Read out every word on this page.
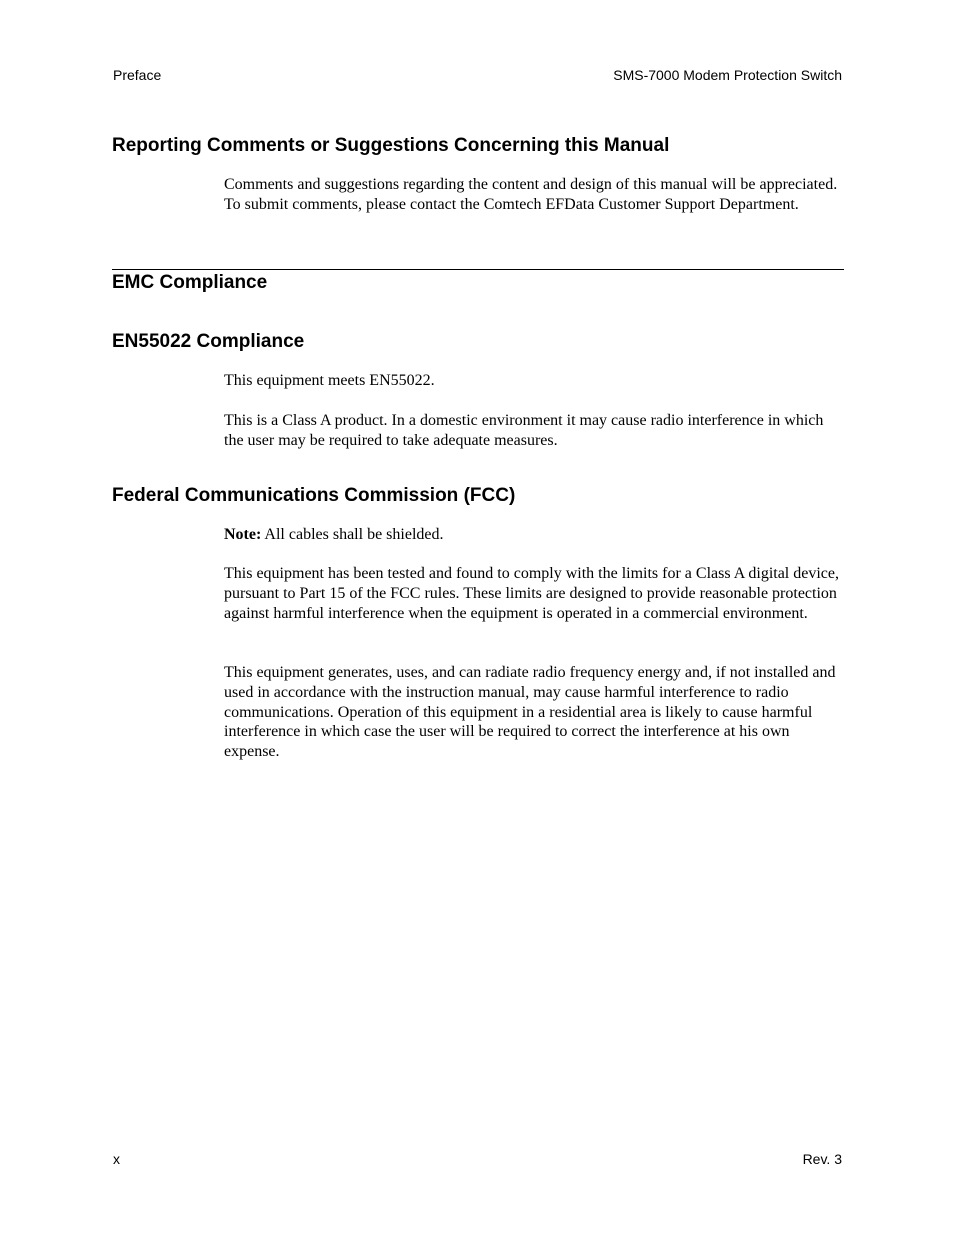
Preface	SMS-7000 Modem Protection Switch
Reporting Comments or Suggestions Concerning this Manual

Comments and suggestions regarding the content and design of this manual will be appreciated. To submit comments, please contact the Comtech EFData Customer Support Department.

EMC Compliance
EN55022 Compliance

This equipment meets EN55022.

This is a Class A product. In a domestic environment it may cause radio interference in which the user may be required to take adequate measures.

Federal Communications Commission (FCC)

Note: All cables shall be shielded.

This equipment has been tested and found to comply with the limits for a Class A digital device, pursuant to Part 15 of the FCC rules. These limits are designed to provide reasonable protection against harmful interference when the equipment is operated in a commercial environment.

This equipment generates, uses, and can radiate radio frequency energy and, if not installed and used in accordance with the instruction manual, may cause harmful interference to radio communications. Operation of this equipment in a residential area is likely to cause harmful interference in which case the user will be required to correct the interference at his own expense.

x	Rev. 3
